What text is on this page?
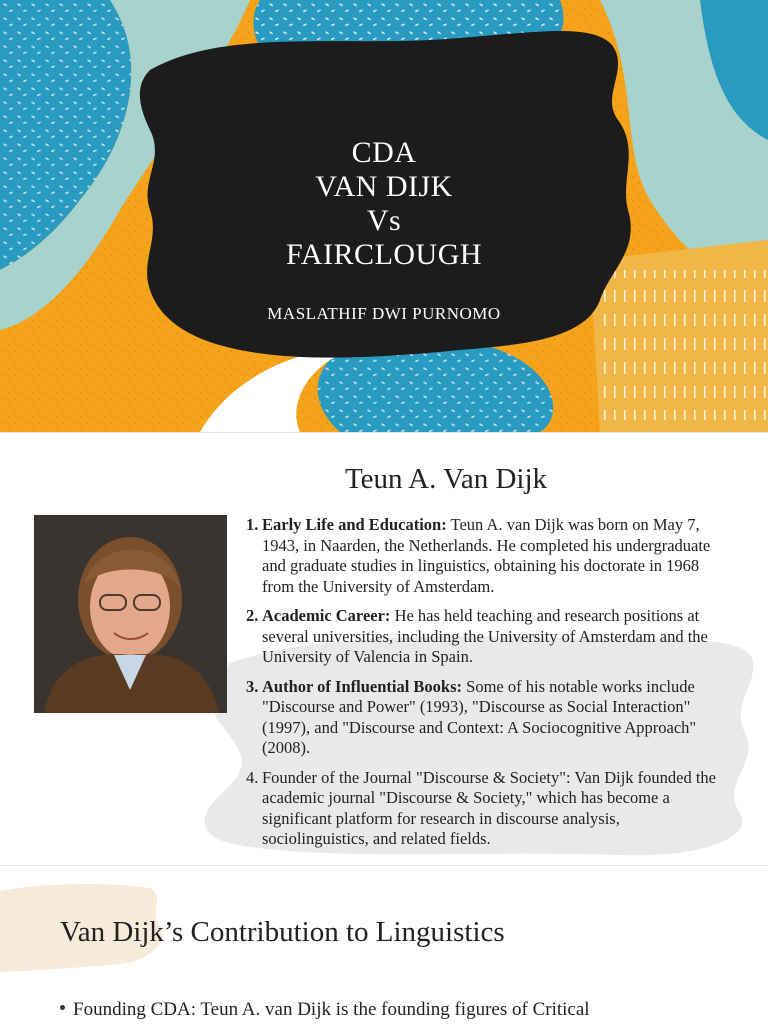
CDA
VAN DIJK
Vs
FAIRCLOUGH
MASLATHIF DWI PURNOMO
Teun A. Van Dijk
1. Early Life and Education: Teun A. van Dijk was born on May 7, 1943, in Naarden, the Netherlands. He completed his undergraduate and graduate studies in linguistics, obtaining his doctorate in 1968 from the University of Amsterdam.
2. Academic Career: He has held teaching and research positions at several universities, including the University of Amsterdam and the University of Valencia in Spain.
3. Author of Influential Books: Some of his notable works include "Discourse and Power" (1993), "Discourse as Social Interaction" (1997), and "Discourse and Context: A Sociocognitive Approach" (2008).
4. Founder of the Journal "Discourse & Society": Van Dijk founded the academic journal "Discourse & Society," which has become a significant platform for research in discourse analysis, sociolinguistics, and related fields.
Van Dijk’s Contribution to Linguistics
Founding CDA: Teun A. van Dijk is the founding figures of Critical
